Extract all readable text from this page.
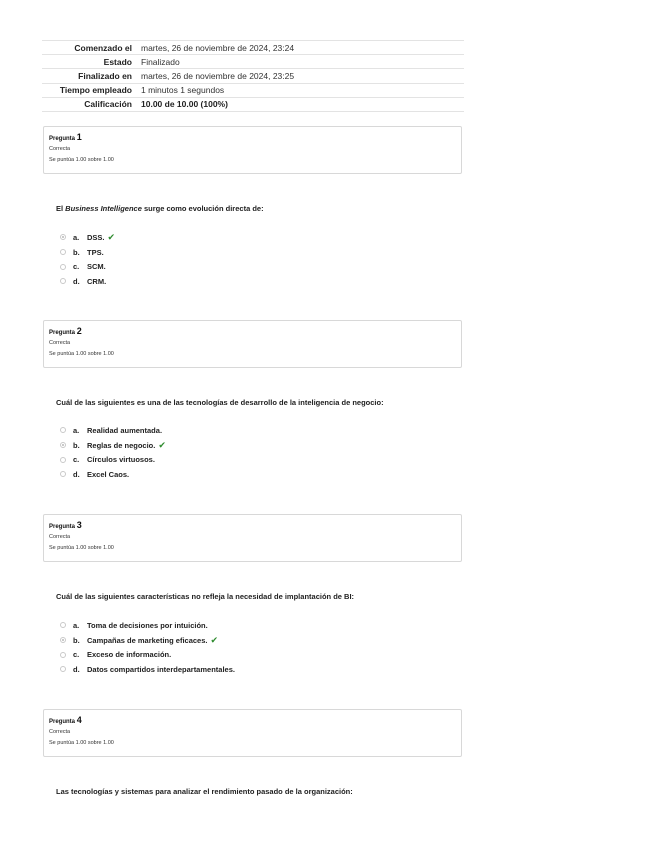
Comenzado el	martes, 26 de noviembre de 2024, 23:24
Estado	Finalizado
Finalizado en	martes, 26 de noviembre de 2024, 23:25
Tiempo empleado	1 minutos 1 segundos
Calificación	10.00 de 10.00 (100%)
Pregunta 1
Correcta
Se puntúa 1.00 sobre 1.00
El Business Intelligence surge como evolución directa de:
a.	DSS. ✔
b. TPS.
c.	SCM.
d. CRM.
Pregunta 2
Correcta
Se puntúa 1.00 sobre 1.00
Cuál de las siguientes es una de las tecnologías de desarrollo de la inteligencia de negocio:
a.	Realidad aumentada.
b. Reglas de negocio. ✔
c.	Círculos virtuosos.
d. Excel Caos.
Pregunta 3
Correcta
Se puntúa 1.00 sobre 1.00
Cuál de las siguientes características no refleja la necesidad de implantación de BI:
a.	Toma de decisiones por intuición.
b. Campañas de marketing eficaces. ✔
c.	Exceso de información.
d. Datos compartidos interdepartamentales.
Pregunta 4
Correcta
Se puntúa 1.00 sobre 1.00
Las tecnologías y sistemas para analizar el rendimiento pasado de la organización:
